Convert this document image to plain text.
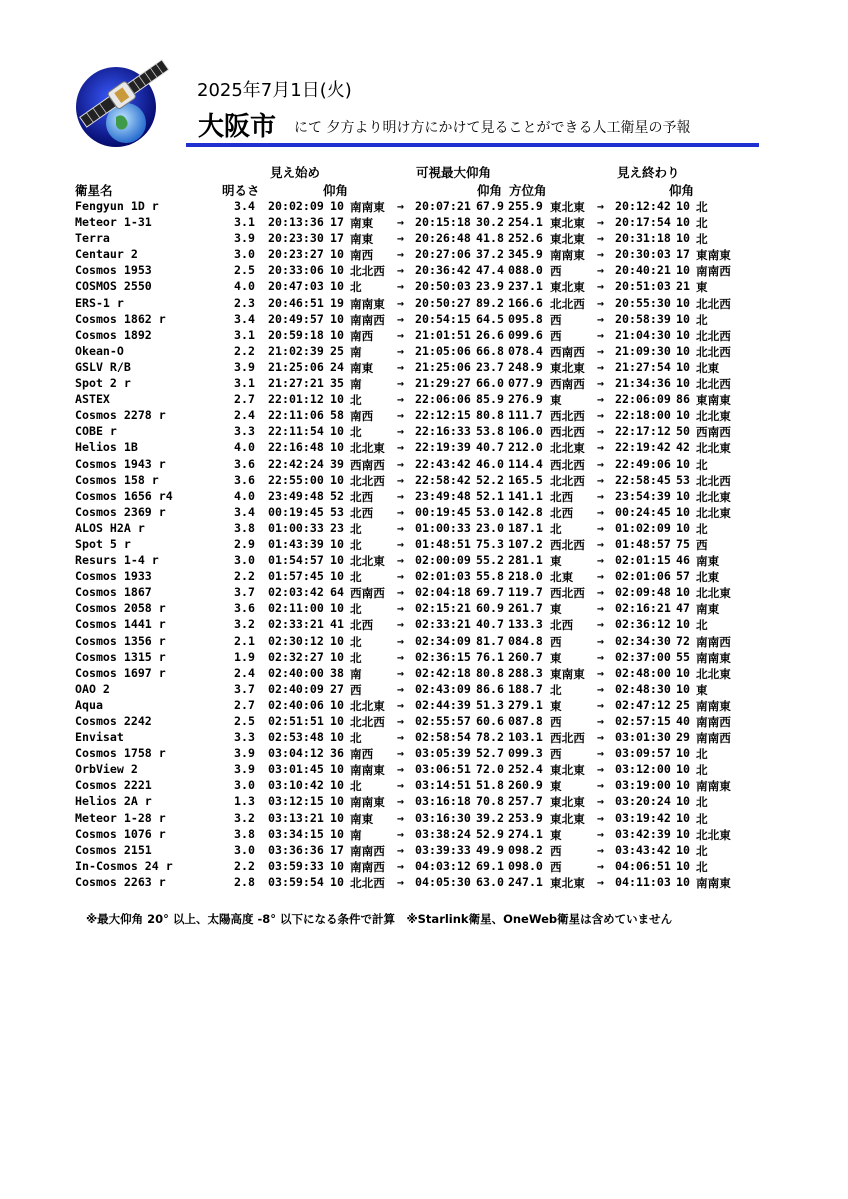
2025年7月1日(火)
大阪市 にて 夕方より明け方にかけて見ることができる人工衛星の予報
見え始め	可視最大仰角	見え終わり
衛星名	明るさ	仰角	仰角 方位角	仰角
Fengyun 1D r	3.4 20:02:09 10 南南東 → 20:07:21 67.9 255.9 東北東 → 20:12:42 10 北
Meteor 1-31	3.1 20:13:36 17 南東 → 20:15:18 30.2 254.1 東北東 → 20:17:54 10 北
Terra	3.9 20:23:30 17 南東 → 20:26:48 41.8 252.6 東北東 → 20:31:18 10 北
Centaur 2	3.0 20:23:27 10 南西 → 20:27:06 37.2 345.9 南南東 → 20:30:03 17 東南東
Cosmos 1953	2.5 20:33:06 10 北北西 → 20:36:42 47.4 088.0 西	→ 20:40:21 10 南南西
COSMOS 2550	4.0 20:47:03 10 北	→ 20:50:03 23.9 237.1 東北東 → 20:51:03 21 東
ERS-1 r	2.3 20:46:51 19 南南東 → 20:50:27 89.2 166.6 北北西 → 20:55:30 10 北北西
Cosmos 1862 r	3.4 20:49:57 10 南南西 → 20:54:15 64.5 095.8 西	→ 20:58:39 10 北
Cosmos 1892	3.1 20:59:18 10 南西 → 21:01:51 26.6 099.6 西	→ 21:04:30 10 北北西
Okean-O	2.2 21:02:39 25 南	→ 21:05:06 66.8 078.4 西南西 → 21:09:30 10 北北西
GSLV R/B	3.9 21:25:06 24 南東 → 21:25:06 23.7 248.9 東北東 → 21:27:54 10 北東
Spot 2 r	3.1 21:27:21 35 南	→ 21:29:27 66.0 077.9 西南西 → 21:34:36 10 北北西
ASTEX	2.7 22:01:12 10 北	→ 22:06:06 85.9 276.9 東	→ 22:06:09 86 東南東
Cosmos 2278 r	2.4 22:11:06 58 南西 → 22:12:15 80.8 111.7 西北西 → 22:18:00 10 北北東
COBE r	3.3 22:11:54 10 北	→ 22:16:33 53.8 106.0 西北西 → 22:17:12 50 西南西
Helios 1B	4.0 22:16:48 10 北北東 → 22:19:39 40.7 212.0 北北東 → 22:19:42 42 北北東
Cosmos 1943 r	3.6 22:42:24 39 西南西 → 22:43:42 46.0 114.4 西北西 → 22:49:06 10 北
Cosmos 158 r	3.6 22:55:00 10 北北西 → 22:58:42 52.2 165.5 北北西 → 22:58:45 53 北北西
Cosmos 1656 r4	4.0 23:49:48 52 北西 → 23:49:48 52.1 141.1 北西 → 23:54:39 10 北北東
Cosmos 2369 r	3.4 00:19:45 53 北西 → 00:19:45 53.0 142.8 北西 → 00:24:45 10 北北東
ALOS H2A r	3.8 01:00:33 23 北	→ 01:00:33 23.0 187.1 北	→ 01:02:09 10 北
Spot 5 r	2.9 01:43:39 10 北	→ 01:48:51 75.3 107.2 西北西 → 01:48:57 75 西
Resurs 1-4 r	3.0 01:54:57 10 北北東 → 02:00:09 55.2 281.1 東	→ 02:01:15 46 南東
Cosmos 1933	2.2 01:57:45 10 北	→ 02:01:03 55.8 218.0 北東 → 02:01:06 57 北東
Cosmos 1867	3.7 02:03:42 64 西南西 → 02:04:18 69.7 119.7 西北西 → 02:09:48 10 北北東
Cosmos 2058 r	3.6 02:11:00 10 北	→ 02:15:21 60.9 261.7 東	→ 02:16:21 47 南東
Cosmos 1441 r	3.2 02:33:21 41 北西 → 02:33:21 40.7 133.3 北西 → 02:36:12 10 北
Cosmos 1356 r	2.1 02:30:12 10 北	→ 02:34:09 81.7 084.8 西	→ 02:34:30 72 南南西
Cosmos 1315 r	1.9 02:32:27 10 北	→ 02:36:15 76.1 260.7 東	→ 02:37:00 55 南南東
Cosmos 1697 r	2.4 02:40:00 38 南	→ 02:42:18 80.8 288.3 東南東 → 02:48:00 10 北北東
OAO 2	3.7 02:40:09 27 西	→ 02:43:09 86.6 188.7 北	→ 02:48:30 10 東
Aqua	2.7 02:40:06 10 北北東 → 02:44:39 51.3 279.1 東	→ 02:47:12 25 南南東
Cosmos 2242	2.5 02:51:51 10 北北西 → 02:55:57 60.6 087.8 西	→ 02:57:15 40 南南西
Envisat	3.3 02:53:48 10 北	→ 02:58:54 78.2 103.1 西北西 → 03:01:30 29 南南西
Cosmos 1758 r	3.9 03:04:12 36 南西 → 03:05:39 52.7 099.3 西	→ 03:09:57 10 北
OrbView 2	3.9 03:01:45 10 南南東 → 03:06:51 72.0 252.4 東北東 → 03:12:00 10 北
Cosmos 2221	3.0 03:10:42 10 北	→ 03:14:51 51.8 260.9 東	→ 03:19:00 10 南南東
Helios 2A r	1.3 03:12:15 10 南南東 → 03:16:18 70.8 257.7 東北東 → 03:20:24 10 北
Meteor 1-28 r	3.2 03:13:21 10 南東 → 03:16:30 39.2 253.9 東北東 → 03:19:42 10 北
Cosmos 1076 r	3.8 03:34:15 10 南	→ 03:38:24 52.9 274.1 東	→ 03:42:39 10 北北東
Cosmos 2151	3.0 03:36:36 17 南南西 → 03:39:33 49.9 098.2 西	→ 03:43:42 10 北
In-Cosmos 24 r	2.2 03:59:33 10 南南西 → 04:03:12 69.1 098.0 西	→ 04:06:51 10 北
Cosmos 2263 r	2.8 03:59:54 10 北北西 → 04:05:30 63.0 247.1 東北東 → 04:11:03 10 南南東
※最大仰角 20° 以上、太陽高度 -8° 以下になる条件で計算　※Starlink衛星、OneWeb衛星は含めていません
